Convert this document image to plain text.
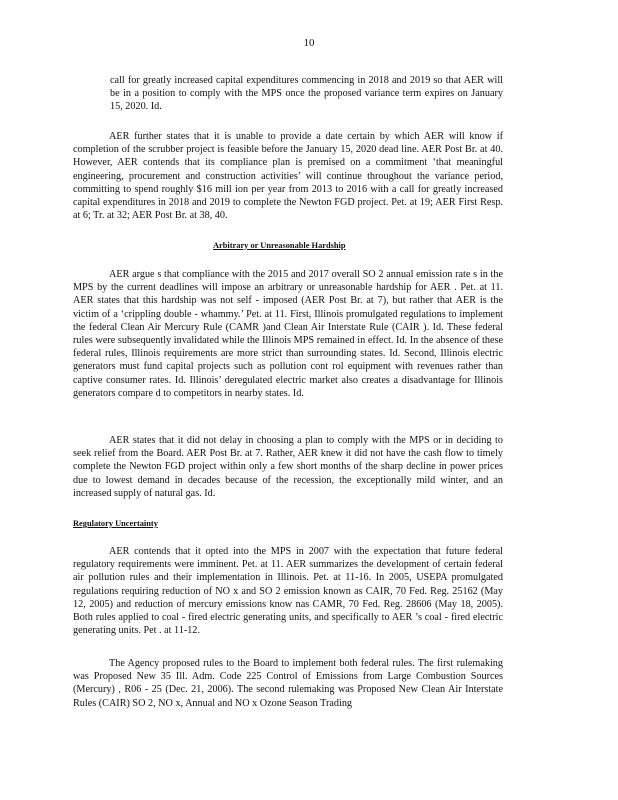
10

call for greatly increased capital expenditures commencing in 2018 and 2019 so that AER will be in a position to comply with the MPS once the proposed variance term expires on January 15, 2020. Id.

AER further states that it is unable to provide a date certain by which AER will know if completion of the scrubber project is feasible before the January 15, 2020 dead line. AER Post Br. at 40. However, AER contends that its compliance plan is premised on a commitment ‘that meaningful engineering, procurement and construction activities’ will continue throughout the variance period, committing to spend roughly $16 mill ion per year from 2013 to 2016 with a call for greatly increased capital expenditures in 2018 and 2019 to complete the Newton FGD project. Pet. at 19; AER First Resp. at 6; Tr. at 32; AER Post Br. at 38, 40.

Arbitrary or Unreasonable Hardship

AER argue s that compliance with the 2015 and 2017 overall SO 2 annual emission rate s in the MPS by the current deadlines will impose an arbitrary or unreasonable hardship for AER . Pet. at 11. AER states that this hardship was not self - imposed (AER Post Br. at 7), but rather that AER is the victim of a ‘crippling double - whammy.’ Pet. at 11. First, Illinois promulgated regulations to implement the federal Clean Air Mercury Rule (CAMR )and Clean Air Interstate Rule (CAIR ). Id. These federal rules were subsequently invalidated while the Illinois MPS remained in effect. Id. In the absence of these federal rules, Illinois requirements are more strict than surrounding states. Id. Second, Illinois electric generators must fund capital projects such as pollution cont rol equipment with revenues rather than captive consumer rates. Id. Illinois’ deregulated electric market also creates a disadvantage for Illinois generators compare d to competitors in nearby states. Id.

AER states that it did not delay in choosing a plan to comply with the MPS or in deciding to seek relief from the Board. AER Post Br. at 7. Rather, AER knew it did not have the cash flow to timely complete the Newton FGD project within only a few short months of the sharp decline in power prices due to lowest demand in decades because of the recession, the exceptionally mild winter, and an increased supply of natural gas. Id.

Regulatory Uncertainty

AER contends that it opted into the MPS in 2007 with the expectation that future federal regulatory requirements were imminent. Pet. at 11. AER summarizes the development of certain federal air pollution rules and their implementation in Illinois. Pet. at 11-16. In 2005, USEPA promulgated regulations requiring reduction of NO x and SO 2 emission known as CAIR, 70 Fed. Reg. 25162 (May 12, 2005) and reduction of mercury emissions know nas CAMR, 70 Fed. Reg. 28606 (May 18, 2005). Both rules applied to coal - fired electric generating units, and specifically to AER ’s coal - fired electric generating units. Pet . at 11-12.

The Agency proposed rules to the Board to implement both federal rules. The first rulemaking was Proposed New 35 Ill. Adm. Code 225 Control of Emissions from Large Combustion Sources (Mercury) , R06 - 25 (Dec. 21, 2006). The second rulemaking was Proposed New Clean Air Interstate Rules (CAIR) SO 2, NO x, Annual and NO x Ozone Season Trading
